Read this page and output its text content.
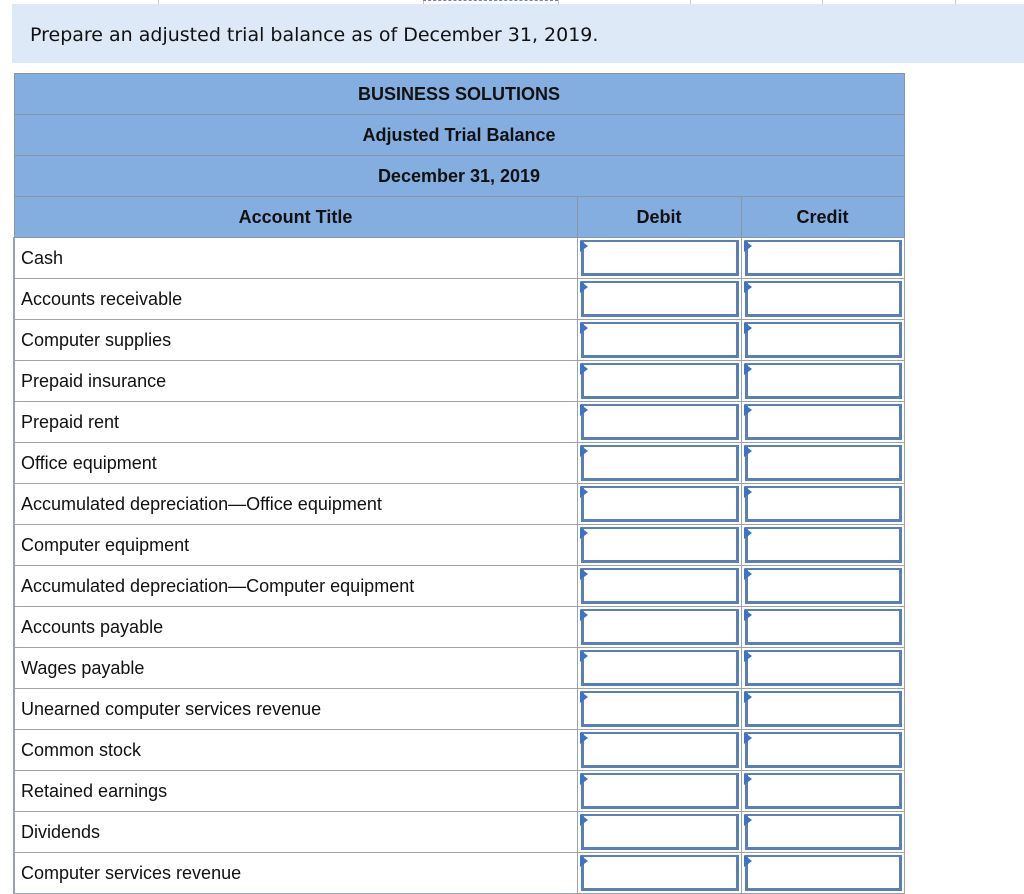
Prepare an adjusted trial balance as of December 31, 2019.
BUSINESS SOLUTIONS		
Adjusted Trial Balance		
December 31, 2019		
Account Title	Debit	Credit
Cash	

Accounts receivable	

Computer supplies	

Prepaid insurance	

Prepaid rent	

Office equipment	

Accumulated depreciation—Office equipment	

Computer equipment	

Accumulated depreciation—Computer equipment	

Accounts payable	

Wages payable	

Unearned computer services revenue	

Common stock	

Retained earnings	

Dividends	

Computer services revenue	
